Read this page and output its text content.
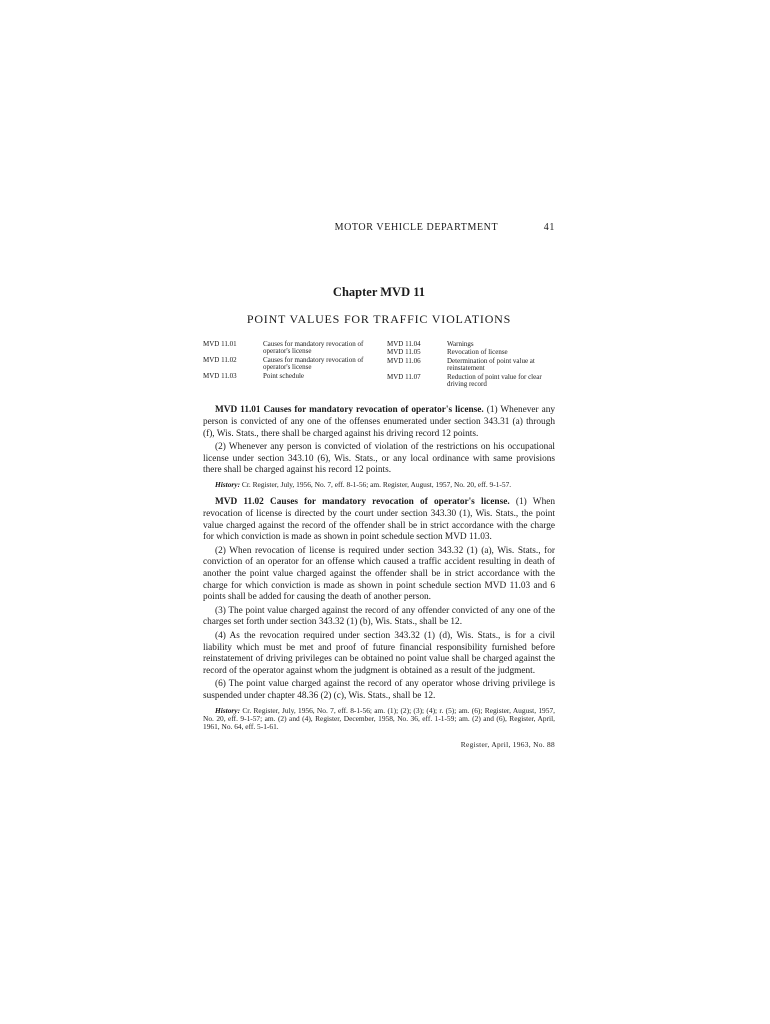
MOTOR VEHICLE DEPARTMENT	41
Chapter MVD 11
POINT VALUES FOR TRAFFIC VIOLATIONS
MVD 11.01	Causes for mandatory revocation of operator's license
MVD 11.02	Causes for mandatory revocation of operator's license
MVD 11.03	Point schedule
MVD 11.04	Warnings
MVD 11.05	Revocation of license
MVD 11.06	Determination of point value at reinstatement
MVD 11.07	Reduction of point value for clear driving record

MVD 11.01 Causes for mandatory revocation of operator's license. (1) Whenever any person is convicted of any one of the offenses enumerated under section 343.31 (a) through (f), Wis. Stats., there shall be charged against his driving record 12 points.

(2) Whenever any person is convicted of violation of the restrictions on his occupational license under section 343.10 (6), Wis. Stats., or any local ordinance with same provisions there shall be charged against his record 12 points.

History: Cr. Register, July, 1956, No. 7, eff. 8-1-56; am. Register, August, 1957, No. 20, eff. 9-1-57.

MVD 11.02 Causes for mandatory revocation of operator's license. (1) When revocation of license is directed by the court under section 343.30 (1), Wis. Stats., the point value charged against the record of the offender shall be in strict accordance with the charge for which conviction is made as shown in point schedule section MVD 11.03.

(2) When revocation of license is required under section 343.32 (1) (a), Wis. Stats., for conviction of an operator for an offense which caused a traffic accident resulting in death of another the point value charged against the offender shall be in strict accordance with the charge for which conviction is made as shown in point schedule section MVD 11.03 and 6 points shall be added for causing the death of another person.

(3) The point value charged against the record of any offender convicted of any one of the charges set forth under section 343.32 (1) (b), Wis. Stats., shall be 12.

(4) As the revocation required under section 343.32 (1) (d), Wis. Stats., is for a civil liability which must be met and proof of future financial responsibility furnished before reinstatement of driving privileges can be obtained no point value shall be charged against the record of the operator against whom the judgment is obtained as a result of the judgment.

(6) The point value charged against the record of any operator whose driving privilege is suspended under chapter 48.36 (2) (c), Wis. Stats., shall be 12.

History: Cr. Register, July, 1956, No. 7, eff. 8-1-56; am. (1); (2); (3); (4); r. (5); am. (6); Register, August, 1957, No. 20, eff. 9-1-57; am. (2) and (4), Register, December, 1958, No. 36, eff. 1-1-59; am. (2) and (6), Register, April, 1961, No. 64, eff. 5-1-61.
Register, April, 1963, No. 88
